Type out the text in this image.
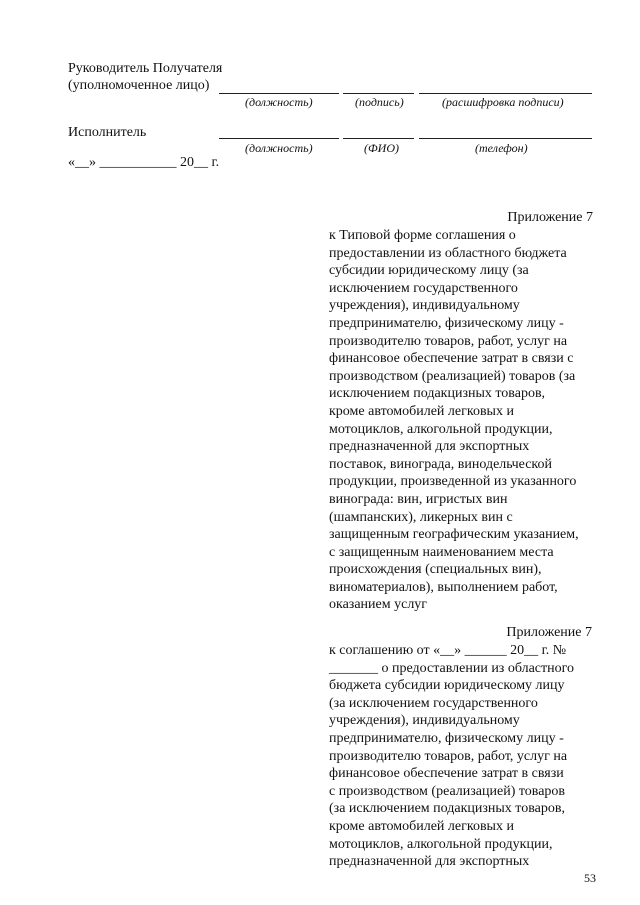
Руководитель Получателя
(уполномоченное лицо)
(должность)	(подпись)	(расшифровка подписи)
Исполнитель
(должность)	(ФИО)	(телефон)
«__» ___________ 20__ г.
Приложение 7
к Типовой форме соглашения о
предоставлении из областного бюджета
субсидии юридическому лицу (за
исключением государственного
учреждения), индивидуальному
предпринимателю, физическому лицу -
производителю товаров, работ, услуг на
финансовое обеспечение затрат в связи с
производством (реализацией) товаров (за
исключением подакцизных товаров,
кроме автомобилей легковых и
мотоциклов, алкогольной продукции,
предназначенной для экспортных
поставок, винограда, винодельческой
продукции, произведенной из указанного
винограда: вин, игристых вин
(шампанских), ликерных вин с
защищенным географическим указанием,
с защищенным наименованием места
происхождения (специальных вин),
виноматериалов), выполнением работ,
оказанием услуг
Приложение 7
к соглашению от «__» ______ 20__ г. №
_______ о предоставлении из областного
бюджета субсидии юридическому лицу
(за исключением государственного
учреждения), индивидуальному
предпринимателю, физическому лицу -
производителю товаров, работ, услуг на
финансовое обеспечение затрат в связи
с производством (реализацией) товаров
(за исключением подакцизных товаров,
кроме автомобилей легковых и
мотоциклов, алкогольной продукции,
предназначенной для экспортных
53
